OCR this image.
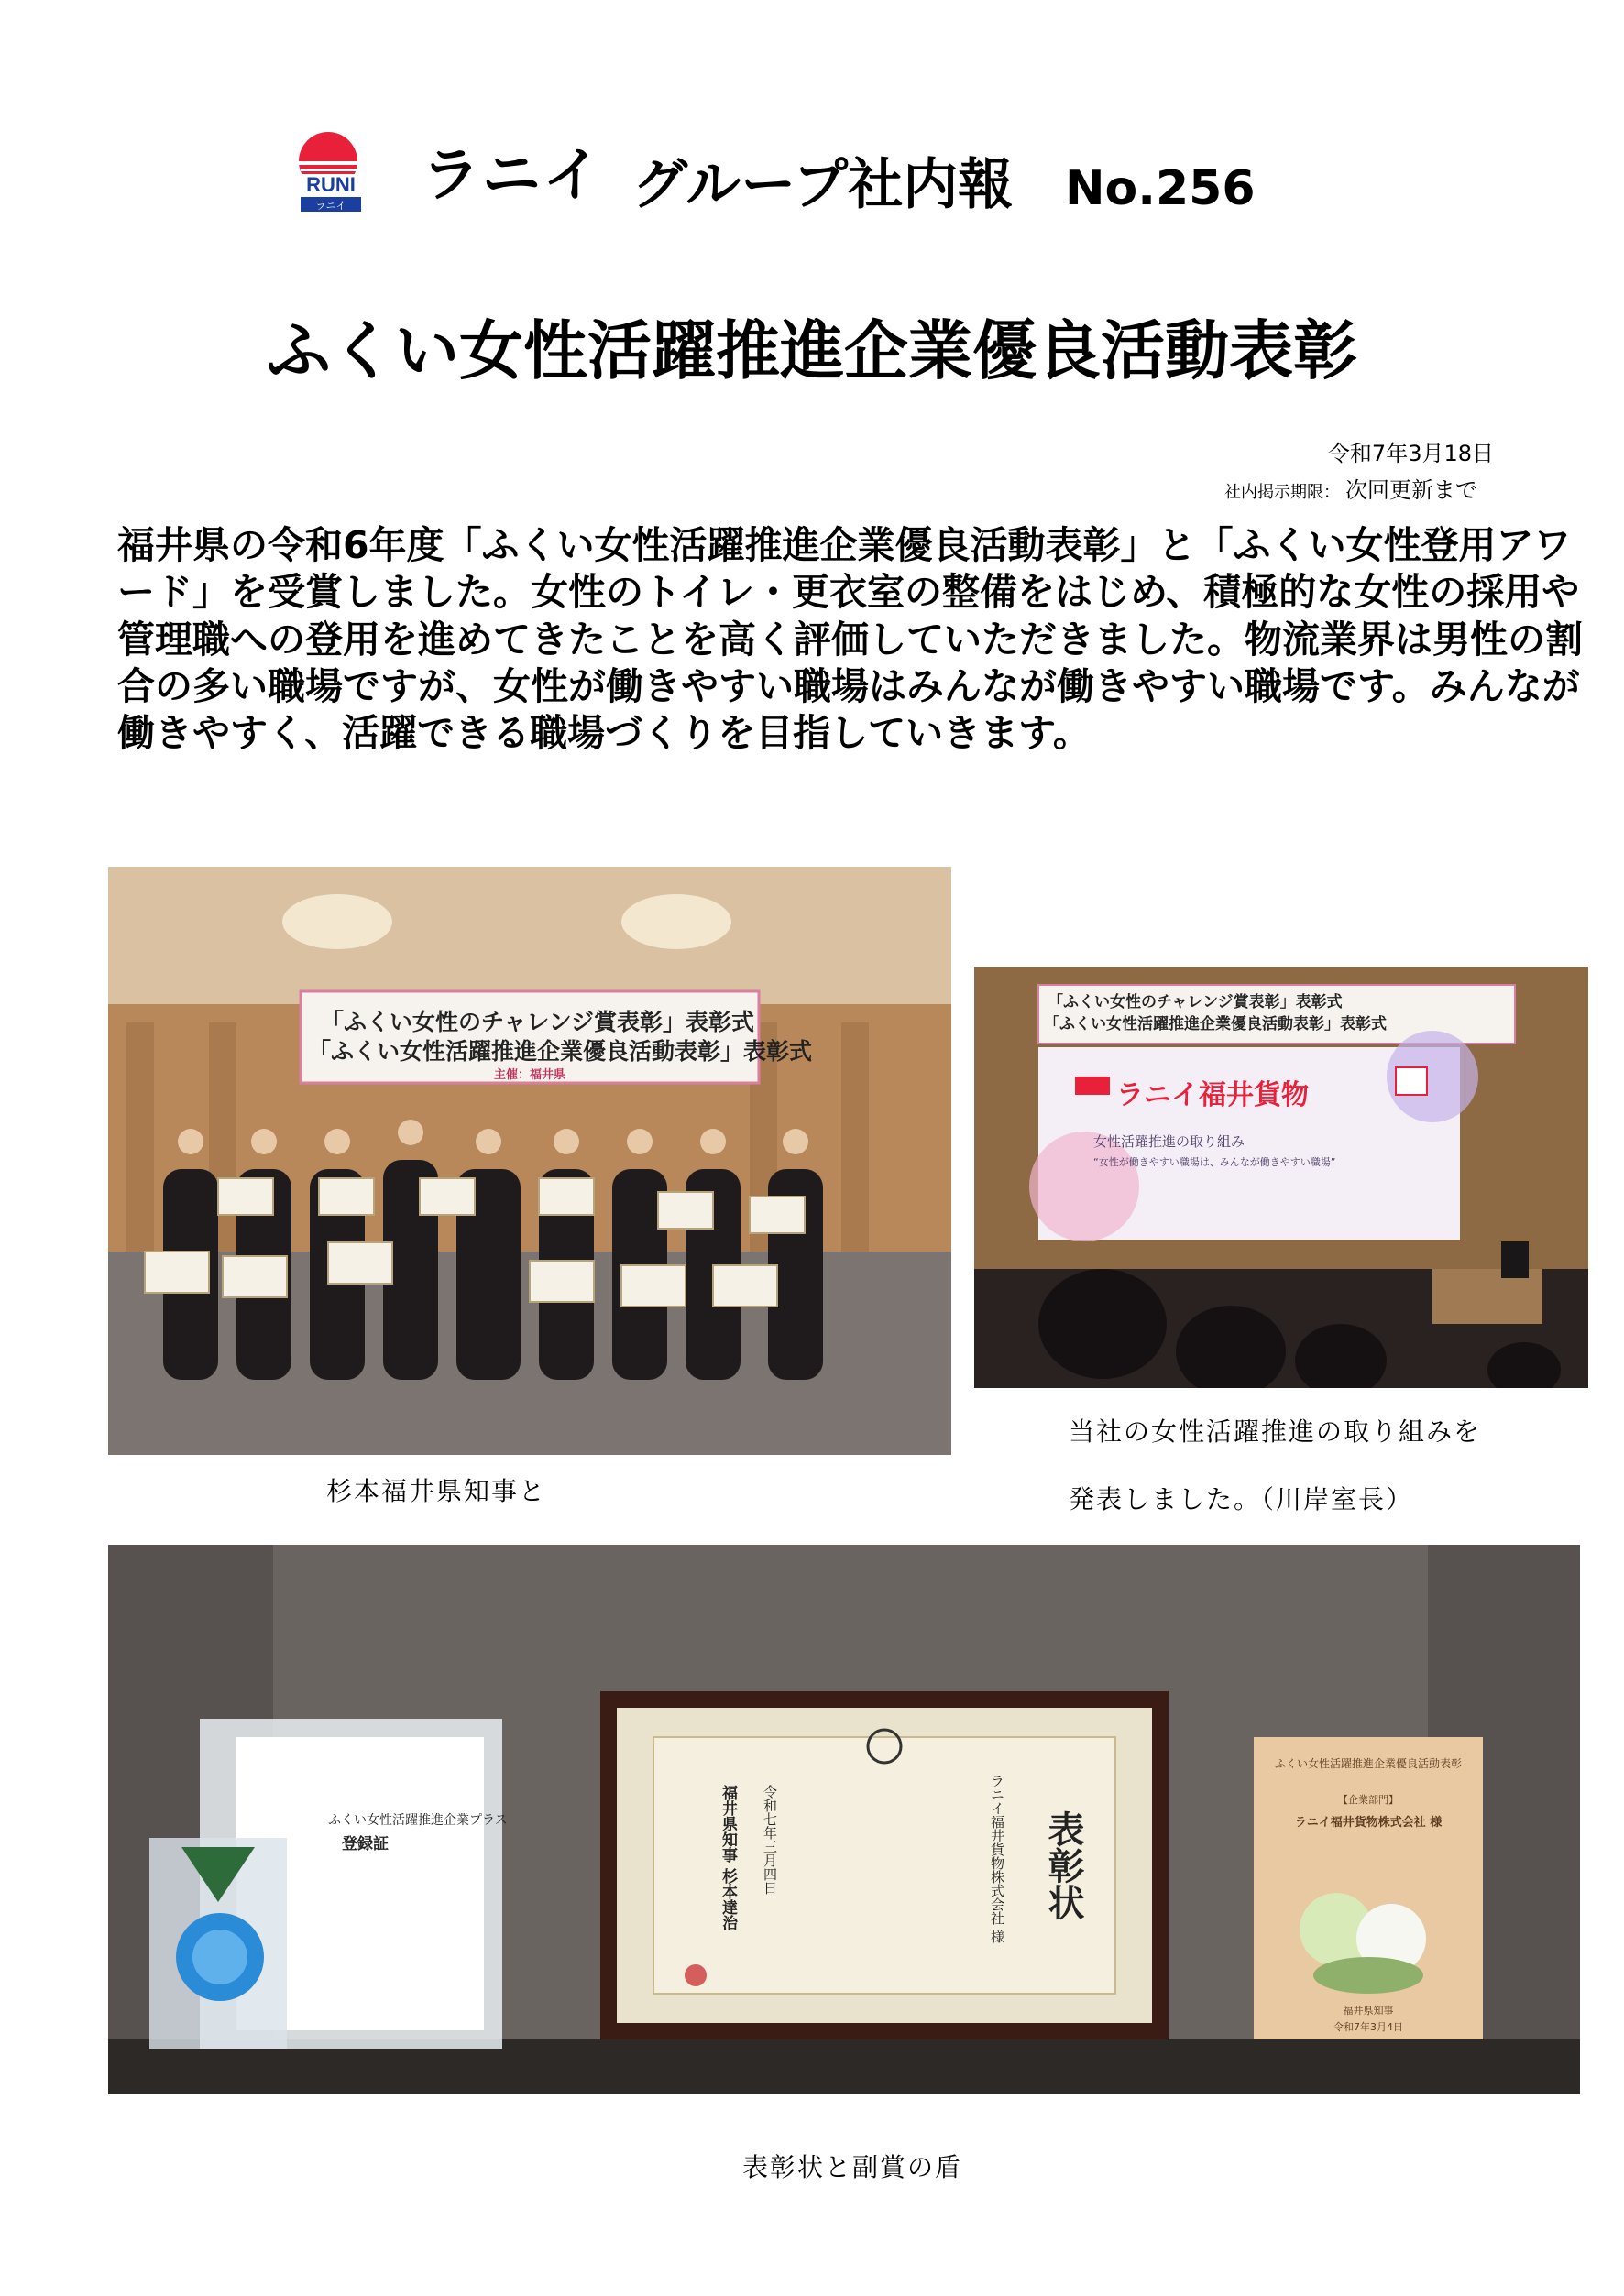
RUNI
ラニイ ラニイ グループ社内報 No.256
ふくい女性活躍推進企業優良活動表彰
令和7年3月18日
社内掲示期限： 次回更新まで

福井県の令和6年度「ふくい女性活躍推進企業優良活動表彰」と「ふくい女性登用アワード」を受賞しました。女性のトイレ・更衣室の整備をはじめ、積極的な女性の採用や管理職への登用を進めてきたことを高く評価していただきました。物流業界は男性の割合の多い職場ですが、女性が働きやすい職場はみんなが働きやすい職場です。みんなが働きやすく、活躍できる職場づくりを目指していきます。

「ふくい女性のチャレンジ賞表彰」表彰式
「ふくい女性活躍推進企業優良活動表彰」表彰式
主催：福井県
杉本福井県知事と
「ふくい女性のチャレンジ賞表彰」表彰式
「ふくい女性活躍推進企業優良活動表彰」表彰式
ラニイ福井貨物
女性活躍推進の取り組み
“女性が働きやすい職場は、みんなが働きやすい職場”
当社の女性活躍推進の取り組みを
発表しました。（川岸室長）
ふくい女性活躍推進企業プラス
登録証	表彰状
ラニイ福井貨物株式会社 様
令和七年三月四日
福井県知事 杉本達治
ふくい女性活躍推進企業優良活動表彰
【企業部門】
ラニイ福井貨物株式会社 様
福井県知事
令和7年3月4日
表彰状と副賞の盾
